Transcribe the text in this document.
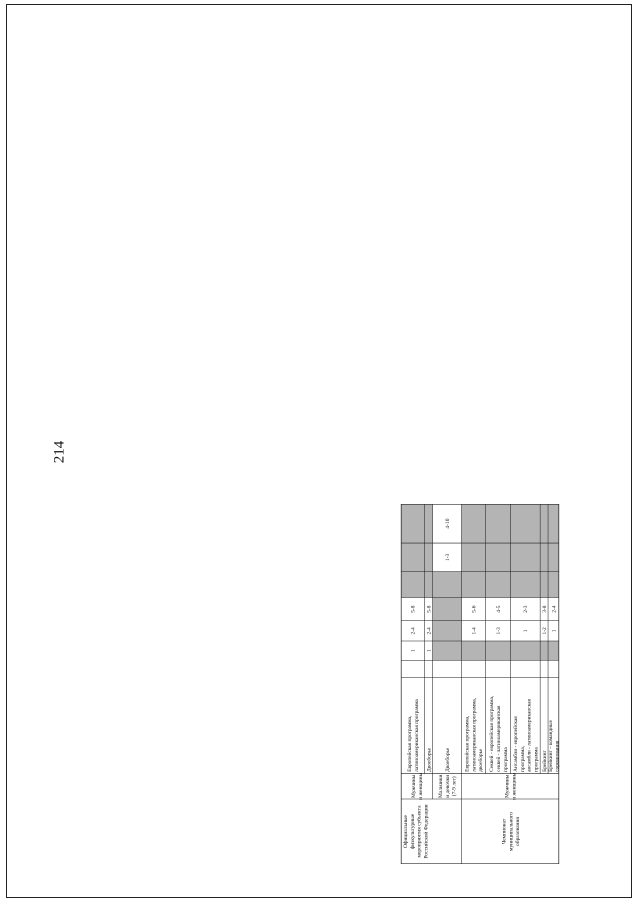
214
Официальные физкультурные мероприятия субъекта Российской Федерации	Чемпионат муниципального образования
Мужчины и женщины Мальчики и девочки (7-9 лет)	Мужчины и женщины
Европейская программа, латиноамериканская программа
1
2-4
5-8
Двоеборье
1
2-4
5-8
Двоеборье
1-3
4-10
Европейская программа, латиноамериканская программа, двоеборье
1-4
5-6
Секвей - европейская программа, секвей - латиноамериканская программа
1-3
4-5
Ансамбли - европейская программа, ансамбли - латиноамериканская программа
1
2-3
Брейкинг
1-2
3-8
Брейкинг – командные соревнования
1
2-4
